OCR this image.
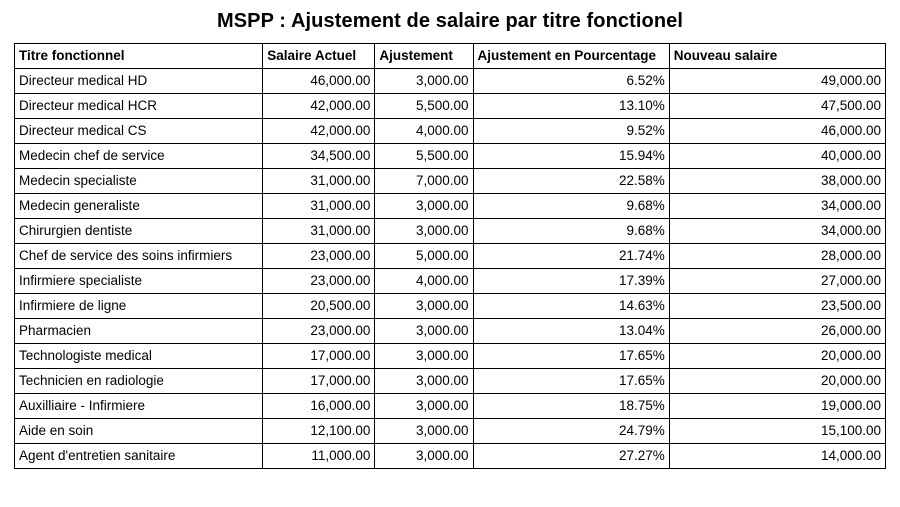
MSPP : Ajustement de salaire par titre fonctionel
Titre fonctionnel	Salaire Actuel	Ajustement	Ajustement en Pourcentage	Nouveau salaire
Directeur medical HD	46,000.00	3,000.00	6.52%	49,000.00
Directeur medical HCR	42,000.00	5,500.00	13.10%	47,500.00
Directeur medical CS	42,000.00	4,000.00	9.52%	46,000.00
Medecin chef de service	34,500.00	5,500.00	15.94%	40,000.00
Medecin specialiste	31,000.00	7,000.00	22.58%	38,000.00
Medecin generaliste	31,000.00	3,000.00	9.68%	34,000.00
Chirurgien dentiste	31,000.00	3,000.00	9.68%	34,000.00
Chef de service des soins infirmiers	23,000.00	5,000.00	21.74%	28,000.00
Infirmiere specialiste	23,000.00	4,000.00	17.39%	27,000.00
Infirmiere de ligne	20,500.00	3,000.00	14.63%	23,500.00
Pharmacien	23,000.00	3,000.00	13.04%	26,000.00
Technologiste medical	17,000.00	3,000.00	17.65%	20,000.00
Technicien en radiologie	17,000.00	3,000.00	17.65%	20,000.00
Auxilliaire - Infirmiere	16,000.00	3,000.00	18.75%	19,000.00
Aide en soin	12,100.00	3,000.00	24.79%	15,100.00
Agent d'entretien sanitaire	11,000.00	3,000.00	27.27%	14,000.00
